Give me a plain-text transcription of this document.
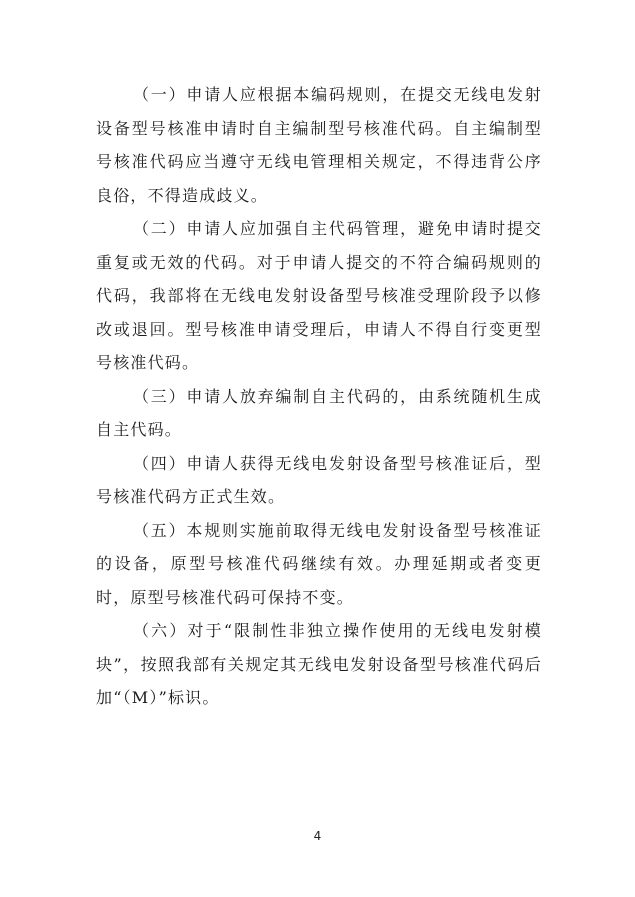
（一）申请人应根据本编码规则，在提交无线电发射设备型号核准申请时自主编制型号核准代码。自主编制型号核准代码应当遵守无线电管理相关规定，不得违背公序良俗，不得造成歧义。

（二）申请人应加强自主代码管理，避免申请时提交重复或无效的代码。对于申请人提交的不符合编码规则的代码，我部将在无线电发射设备型号核准受理阶段予以修改或退回。型号核准申请受理后，申请人不得自行变更型号核准代码。

（三）申请人放弃编制自主代码的，由系统随机生成自主代码。

（四）申请人获得无线电发射设备型号核准证后，型号核准代码方正式生效。

（五）本规则实施前取得无线电发射设备型号核准证的设备，原型号核准代码继续有效。办理延期或者变更时，原型号核准代码可保持不变。

（六）对于“限制性非独立操作使用的无线电发射模块”，按照我部有关规定其无线电发射设备型号核准代码后加“（M）”标识。

4
